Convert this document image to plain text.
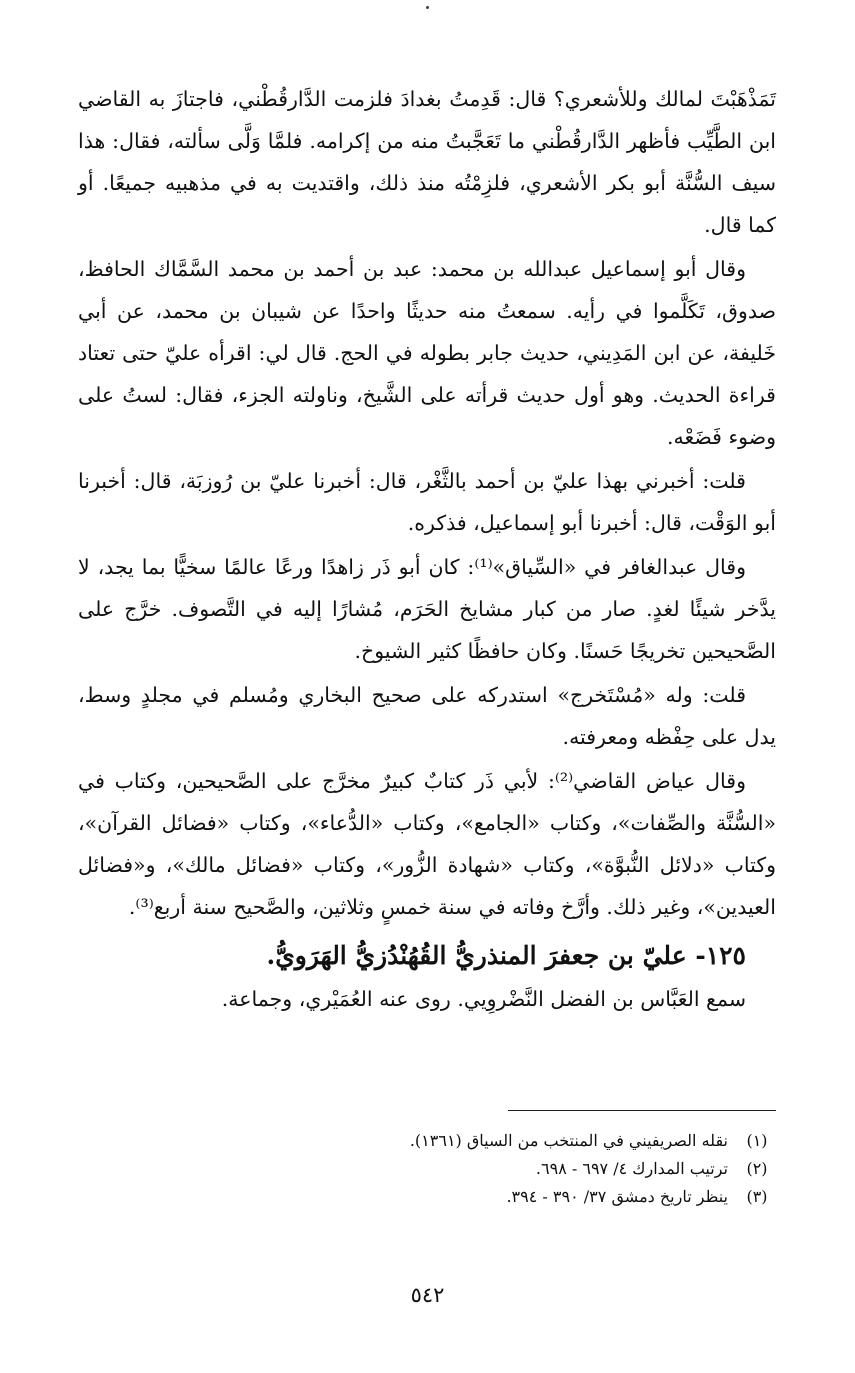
تَمَذْهَبْتَ لمالك وللأشعري؟ قال: قَدِمتُ بغدادَ فلزمت الدَّارقُطْني، فاجتازَ به القاضي ابن الطَّيِّب فأظهر الدَّارقُطْني ما تَعَجَّبتُ منه من إكرامه. فلمَّا وَلَّى سألته، فقال: هذا سيف السُّنَّة أبو بكر الأشعري، فلزِمْتُه منذ ذلك، واقتديت به في مذهبيه جميعًا. أو كما قال.

وقال أبو إسماعيل عبدالله بن محمد: عبد بن أحمد بن محمد السَّمَّاك الحافظ، صدوق، تَكَلَّموا في رأيه. سمعتُ منه حديثًا واحدًا عن شيبان بن محمد، عن أبي خَليفة، عن ابن المَدِيني، حديث جابر بطوله في الحج. قال لي: اقرأه عليّ حتى تعتاد قراءة الحديث. وهو أول حديث قرأته على الشَّيخ، وناولته الجزء، فقال: لستُ على وضوء فَضَعْه.

قلت: أخبرني بهذا عليّ بن أحمد بالثَّغْر، قال: أخبرنا عليّ بن رُوزبَة، قال: أخبرنا أبو الوَقْت، قال: أخبرنا أبو إسماعيل، فذكره.

وقال عبدالغافر في «السِّياق»⁽¹⁾: كان أبو ذَر زاهدًا ورعًا عالمًا سخيًّا بما يجد، لا يدَّخر شيئًا لغدٍ. صار من كبار مشايخ الحَرَم، مُشارًا إليه في التَّصوف. خرَّج على الصَّحيحين تخريجًا حَسنًا. وكان حافظًا كثير الشيوخ.

قلت: وله «مُسْتَخرج» استدركه على صحيح البخاري ومُسلم في مجلدٍ وسط، يدل على حِفْظه ومعرفته.

وقال عياض القاضي⁽²⁾: لأبي ذَر كتابٌ كبيرٌ مخرَّج على الصَّحيحين، وكتاب في «السُّنَّة والصِّفات»، وكتاب «الجامع»، وكتاب «الدُّعاء»، وكتاب «فضائل القرآن»، وكتاب «دلائل النُّبوَّة»، وكتاب «شهادة الزُّور»، وكتاب «فضائل مالك»، و«فضائل العيدين»، وغير ذلك. وأرَّخ وفاته في سنة خمسٍ وثلاثين، والصَّحيح سنة أربع⁽³⁾.

١٢٥- عليّ بن جعفرَ المنذريُّ القُهُنْدُزيُّ الهَرَويُّ.

سمع العَبَّاس بن الفضل النَّضْروِيي. روى عنه العُمَيْري، وجماعة.

(١)
نقله الصريفيني في المنتخب من السياق (١٣٦١).
(٢)
ترتيب المدارك ٤/ ٦٩٧ - ٦٩٨.
(٣)
ينظر تاريخ دمشق ٣٧/ ٣٩٠ - ٣٩٤.
٥٤٢
